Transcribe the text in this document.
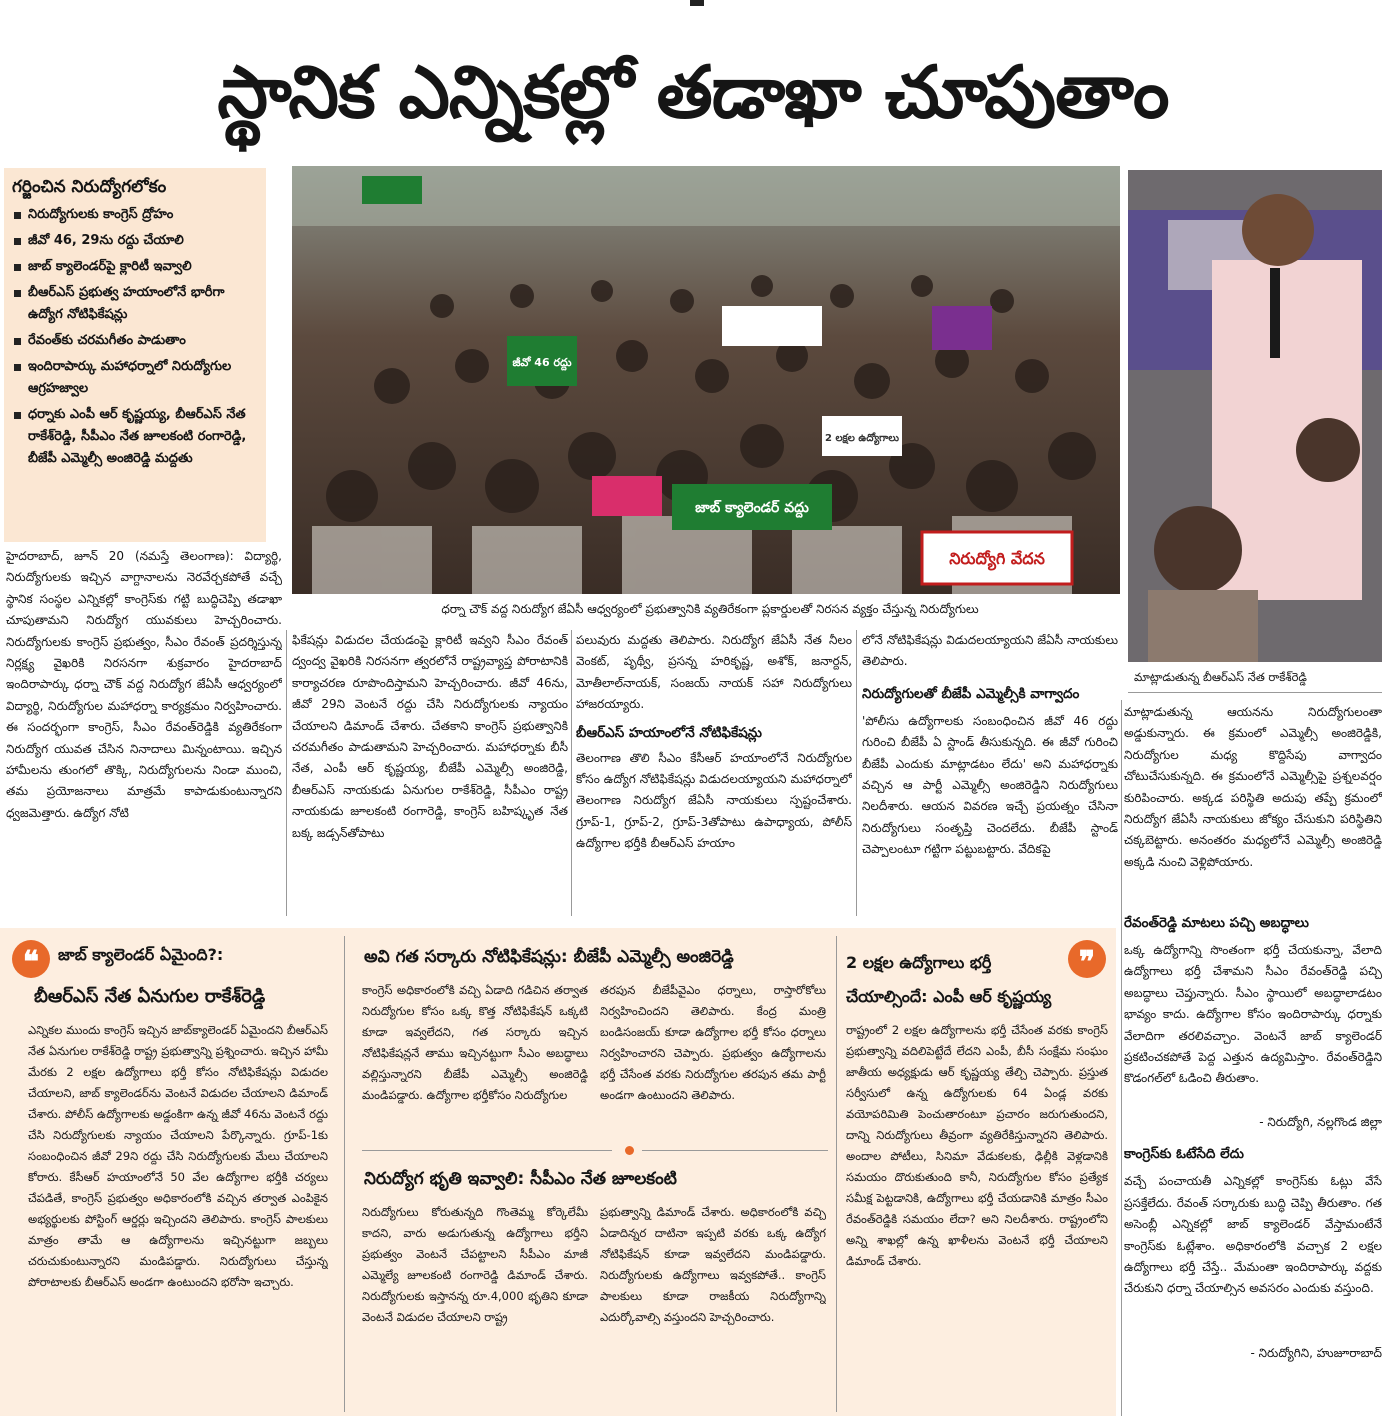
స్థానిక ఎన్నికల్లో తడాఖా చూపుతాం
గర్జించిన నిరుద్యోగలోకం
నిరుద్యోగులకు కాంగ్రెస్‌ ద్రోహం
జీవో 46, 29ను రద్దు చేయాలి
జాబ్‌ క్యాలెండర్‌పై క్లారిటీ ఇవ్వాలి
బీఆర్‌ఎస్‌ ప్రభుత్వ హయాంలోనే భారీగా ఉద్యోగ నోటిఫికేషన్లు
రేవంత్‌కు చరమగీతం పాడుతాం
ఇందిరాపార్కు మహాధర్నాలో నిరుద్యోగుల ఆగ్రహజ్వాల
ధర్నాకు ఎంపీ ఆర్‌ కృష్ణయ్య, బీఆర్‌ఎస్‌ నేత రాకేశ్‌రెడ్డి, సీపీఎం నేత జూలకంటి రంగారెడ్డి, బీజేపీ ఎమ్మెల్సీ అంజిరెడ్డి మద్దతు
నిరుద్యోగి వేదన
జాబ్‌ క్యాలెండర్‌ వద్దు
జీవో 46 రద్దు
2 లక్షల ఉద్యోగాలు
ధర్నా చౌక్‌ వద్ద నిరుద్యోగ జేఏసీ ఆధ్వర్యంలో ప్రభుత్వానికి వ్యతిరేకంగా ప్లకార్డులతో నిరసన వ్యక్తం చేస్తున్న నిరుద్యోగులు
మాట్లాడుతున్న బీఆర్‌ఎస్‌ నేత రాకేశ్‌రెడ్డి
హైదరాబాద్‌, జూన్‌ 20 (నమస్తే తెలంగాణ): విద్యార్థి, నిరుద్యోగులకు ఇచ్చిన వాగ్దానాలను నెరవేర్చకపోతే వచ్చే స్థానిక సంస్థల ఎన్నికల్లో కాంగ్రెస్‌కు గట్టి బుద్ధిచెప్పి తడాఖా చూపుతామని నిరుద్యోగ యువకులు హెచ్చరించారు. నిరుద్యోగులకు కాంగ్రెస్‌ ప్రభుత్వం, సీఎం రేవంత్‌ ప్రదర్శిస్తున్న నిర్లక్ష్య వైఖరికి నిరసనగా శుక్రవారం హైదరాబాద్‌ ఇందిరాపార్కు ధర్నా చౌక్‌ వద్ద నిరుద్యోగ జేఏసీ ఆధ్వర్యంలో విద్యార్థి, నిరుద్యోగుల మహాధర్నా కార్యక్రమం నిర్వహించారు. ఈ సందర్భంగా కాంగ్రెస్‌, సీఎం రేవంత్‌రెడ్డికి వ్యతిరేకంగా నిరుద్యోగ యువత చేసిన నినాదాలు మిన్నంటాయి. ఇచ్చిన హామీలను తుంగలో తొక్కి, నిరుద్యోగులను నిండా ముంచి, తమ ప్రయోజనాలు మాత్రమే కాపాడుకుంటున్నారని ధ్వజమెత్తారు. ఉద్యోగ నోటి
ఫికేషన్లు విడుదల చేయడంపై క్లారిటీ ఇవ్వని సీఎం రేవంత్‌ ద్వంద్వ వైఖరికి నిరసనగా త్వరలోనే రాష్ట్రవ్యాప్త పోరాటానికి కార్యాచరణ రూపొందిస్తామని హెచ్చరించారు. జీవో 46ను, జీవో 29ని వెంటనే రద్దు చేసి నిరుద్యోగులకు న్యాయం చేయాలని డిమాండ్‌ చేశారు. చేతకాని కాంగ్రెస్‌ ప్రభుత్వానికి చరమగీతం పాడుతామని హెచ్చరించారు. మహాధర్నాకు బీసీ నేత, ఎంపీ ఆర్‌ కృష్ణయ్య, బీజేపీ ఎమ్మెల్సీ అంజిరెడ్డి, బీఆర్‌ఎస్‌ నాయకుడు ఏనుగుల రాకేశ్‌రెడ్డి, సీపీఎం రాష్ట్ర నాయకుడు జూలకంటి రంగారెడ్డి, కాంగ్రెస్‌ బహిష్కృత నేత బక్క జడ్సన్‌తోపాటు
పలువురు మద్దతు తెలిపారు. నిరుద్యోగ జేఏసీ నేత నీలం వెంకట్‌, పృథ్వీ, ప్రసన్న హరికృష్ణ, అశోక్‌, జనార్దన్‌, మోతీలాల్‌నాయక్‌, సంజయ్‌ నాయక్‌ సహా నిరుద్యోగులు హాజరయ్యారు.
బీఆర్‌ఎస్‌ హయాంలోనే నోటిఫికేషన్లు
తెలంగాణ తొలి సీఎం కేసీఆర్‌ హయాంలోనే నిరుద్యోగుల కోసం ఉద్యోగ నోటిఫికేషన్లు విడుదలయ్యాయని మహాధర్నాలో తెలంగాణ నిరుద్యోగ జేఏసీ నాయకులు స్పష్టంచేశారు. గ్రూప్‌-1, గ్రూప్‌-2, గ్రూప్‌-3తోపాటు ఉపాధ్యాయ, పోలీస్‌ ఉద్యోగాల భర్తీకి బీఆర్‌ఎస్‌ హయాం
లోనే నోటిఫికేషన్లు విడుదలయ్యాయని జేఏసీ నాయకులు తెలిపారు.
నిరుద్యోగులతో బీజేపీ ఎమ్మెల్సీకి వాగ్వాదం
'పోలీసు ఉద్యోగాలకు సంబంధించిన జీవో 46 రద్దు గురించి బీజేపీ ఏ స్టాండ్‌ తీసుకున్నది. ఈ జీవో గురించి బీజేపీ ఎందుకు మాట్లాడటం లేదు' అని మహాధర్నాకు వచ్చిన ఆ పార్టీ ఎమ్మెల్సీ అంజిరెడ్డిని నిరుద్యోగులు నిలదీశారు. ఆయన వివరణ ఇచ్చే ప్రయత్నం చేసినా నిరుద్యోగులు సంతృప్తి చెందలేదు. బీజేపీ స్టాండ్‌ చెప్పాలంటూ గట్టిగా పట్టుబట్టారు. వేదికపై
మాట్లాడుతున్న ఆయనను నిరుద్యోగులంతా అడ్డుకున్నారు. ఈ క్రమంలో ఎమ్మెల్సీ అంజిరెడ్డికి, నిరుద్యోగుల మధ్య కొద్దిసేపు వాగ్వాదం చోటుచేసుకున్నది. ఈ క్రమంలోనే ఎమ్మెల్సీపై ప్రశ్నలవర్షం కురిపించారు. అక్కడ పరిస్థితి అదుపు తప్పే క్రమంలో నిరుద్యోగ జేఏసీ నాయకులు జోక్యం చేసుకుని పరిస్థితిని చక్కబెట్టారు. అనంతరం మధ్యలోనే ఎమ్మెల్సీ అంజిరెడ్డి అక్కడి నుంచి వెళ్లిపోయారు.
రేవంత్‌రెడ్డి మాటలు పచ్చి అబద్ధాలు
ఒక్క ఉద్యోగాన్ని సొంతంగా భర్తీ చేయకున్నా, వేలాది ఉద్యోగాలు భర్తీ చేశామని సీఎం రేవంత్‌రెడ్డి పచ్చి అబద్ధాలు చెప్తున్నారు. సీఎం స్థాయిలో అబద్ధాలాడటం భావ్యం కాదు. ఉద్యోగాల కోసం ఇందిరాపార్కు ధర్నాకు వేలాదిగా తరలివచ్చాం. వెంటనే జాబ్‌ క్యాలెండర్‌ ప్రకటించకపోతే పెద్ద ఎత్తున ఉద్యమిస్తాం. రేవంత్‌రెడ్డిని కొడంగల్‌లో ఓడించి తీరుతాం.
- నిరుద్యోగి, నల్లగొండ జిల్లా
కాంగ్రెస్‌కు ఓటేసేది లేదు
వచ్చే పంచాయతీ ఎన్నికల్లో కాంగ్రెస్‌కు ఓట్లు వేసే ప్రసక్తేలేదు. రేవంత్‌ సర్కారుకు బుద్ధి చెప్పి తీరుతాం. గత అసెంబ్లీ ఎన్నికల్లో జాబ్‌ క్యాలెండర్‌ వేస్తామంటేనే కాంగ్రెస్‌కు ఓట్లేశాం. అధికారంలోకి వచ్చాక 2 లక్షల ఉద్యోగాలు భర్తీ చేస్తే.. మేమంతా ఇందిరాపార్కు వద్దకు చేరుకుని ధర్నా చేయాల్సిన అవసరం ఎందుకు వస్తుంది.
- నిరుద్యోగిని, హుజూరాబాద్‌
❝	జాబ్‌ క్యాలెండర్‌ ఏమైంది?:
బీఆర్‌ఎస్‌ నేత ఏనుగుల రాకేశ్‌రెడ్డి
ఎన్నికల ముందు కాంగ్రెస్‌ ఇచ్చిన జాబ్‌క్యాలెండర్‌ ఏమైందని బీఆర్‌ఎస్‌ నేత ఏనుగుల రాకేశ్‌రెడ్డి రాష్ట్ర ప్రభుత్వాన్ని ప్రశ్నించారు. ఇచ్చిన హామీ మేరకు 2 లక్షల ఉద్యోగాలు భర్తీ కోసం నోటిఫికేషన్లు విడుదల చేయాలని, జాబ్‌ క్యాలెండర్‌ను వెంటనే విడుదల చేయాలని డిమాండ్‌ చేశారు. పోలీస్‌ ఉద్యోగాలకు అడ్డంకిగా ఉన్న జీవో 46ను వెంటనే రద్దు చేసి నిరుద్యోగులకు న్యాయం చేయాలని పేర్కొన్నారు. గ్రూప్‌-1కు సంబంధించిన జీవో 29ని రద్దు చేసి నిరుద్యోగులకు మేలు చేయాలని కోరారు. కేసీఆర్‌ హయాంలోనే 50 వేల ఉద్యోగాల భర్తీకి చర్యలు చేపడితే, కాంగ్రెస్‌ ప్రభుత్వం అధికారంలోకి వచ్చిన తర్వాత ఎంపికైన అభ్యర్థులకు పోస్టింగ్‌ ఆర్డర్లు ఇచ్చిందని తెలిపారు. కాంగ్రెస్‌ పాలకులు మాత్రం తామే ఆ ఉద్యోగాలను ఇచ్చినట్టుగా జబ్బలు చరుచుకుంటున్నారని మండిపడ్డారు. నిరుద్యోగులు చేస్తున్న పోరాటాలకు బీఆర్‌ఎస్‌ అండగా ఉంటుందని భరోసా ఇచ్చారు.
అవి గత సర్కారు నోటిఫికేషన్లు: బీజేపీ ఎమ్మెల్సీ అంజిరెడ్డి
కాంగ్రెస్‌ అధికారంలోకి వచ్చి ఏడాది గడిచిన తర్వాత నిరుద్యోగుల కోసం ఒక్క కొత్త నోటిఫికేషన్‌ ఒక్కటి కూడా ఇవ్వలేదని, గత సర్కారు ఇచ్చిన నోటిఫికేషన్లనే తాము ఇచ్చినట్టుగా సీఎం అబద్ధాలు వల్లిస్తున్నారని బీజేపీ ఎమ్మెల్సీ అంజిరెడ్డి మండిపడ్డారు. ఉద్యోగాల భర్తీకోసం నిరుద్యోగుల
తరపున బీజేపీవైఎం ధర్నాలు, రాస్తారోకోలు నిర్వహించిందని తెలిపారు. కేంద్ర మంత్రి బండిసంజయ్‌ కూడా ఉద్యోగాల భర్తీ కోసం ధర్నాలు నిర్వహించారని చెప్పారు. ప్రభుత్వం ఉద్యోగాలను భర్తీ చేసేంత వరకు నిరుద్యోగుల తరపున తమ పార్టీ అండగా ఉంటుందని తెలిపారు.
నిరుద్యోగ భృతి ఇవ్వాలి: సీపీఎం నేత జూలకంటి
నిరుద్యోగులు కోరుతున్నది గొంతెమ్మ కోర్కెలేమీ కాదని, వారు అడుగుతున్న ఉద్యోగాలు భర్తీని ప్రభుత్వం వెంటనే చేపట్టాలని సీపీఎం మాజీ ఎమ్మెల్యే జూలకంటి రంగారెడ్డి డిమాండ్‌ చేశారు. నిరుద్యోగులకు ఇస్తానన్న రూ.4,000 భృతిని కూడా వెంటనే విడుదల చేయాలని రాష్ట్ర
ప్రభుత్వాన్ని డిమాండ్‌ చేశారు. అధికారంలోకి వచ్చి ఏడాదిన్నర దాటినా ఇప్పటి వరకు ఒక్క ఉద్యోగ నోటిఫికేషన్‌ కూడా ఇవ్వలేదని మండిపడ్డారు. నిరుద్యోగులకు ఉద్యోగాలు ఇవ్వకపోతే.. కాంగ్రెస్‌ పాలకులు కూడా రాజకీయ నిరుద్యోగాన్ని ఎదుర్కోవాల్సి వస్తుందని హెచ్చరించారు.
2 లక్షల ఉద్యోగాలు భర్తీ	❞
చేయాల్సిందే: ఎంపీ ఆర్‌ కృష్ణయ్య
రాష్ట్రంలో 2 లక్షల ఉద్యోగాలను భర్తీ చేసేంత వరకు కాంగ్రెస్‌ ప్రభుత్వాన్ని వదిలిపెట్టేదే లేదని ఎంపీ, బీసీ సంక్షేమ సంఘం జాతీయ అధ్యక్షుడు ఆర్‌ కృష్ణయ్య తేల్చి చెప్పారు. ప్రస్తుత సర్వీసులో ఉన్న ఉద్యోగులకు 64 ఏండ్ల వరకు వయోపరిమితి పెంచుతారంటూ ప్రచారం జరుగుతుందని, దాన్ని నిరుద్యోగులు తీవ్రంగా వ్యతిరేకిస్తున్నారని తెలిపారు. అందాల పోటీలు, సినిమా వేడుకలకు, ఢిల్లీకి వెళ్లడానికి సమయం దొరుకుతుంది కానీ, నిరుద్యోగుల కోసం ప్రత్యేక సమీక్ష పెట్టడానికి, ఉద్యోగాలు భర్తీ చేయడానికి మాత్రం సీఎం రేవంత్‌రెడ్డికి సమయం లేదా? అని నిలదీశారు. రాష్ట్రంలోని అన్ని శాఖల్లో ఉన్న ఖాళీలను వెంటనే భర్తీ చేయాలని డిమాండ్‌ చేశారు.
